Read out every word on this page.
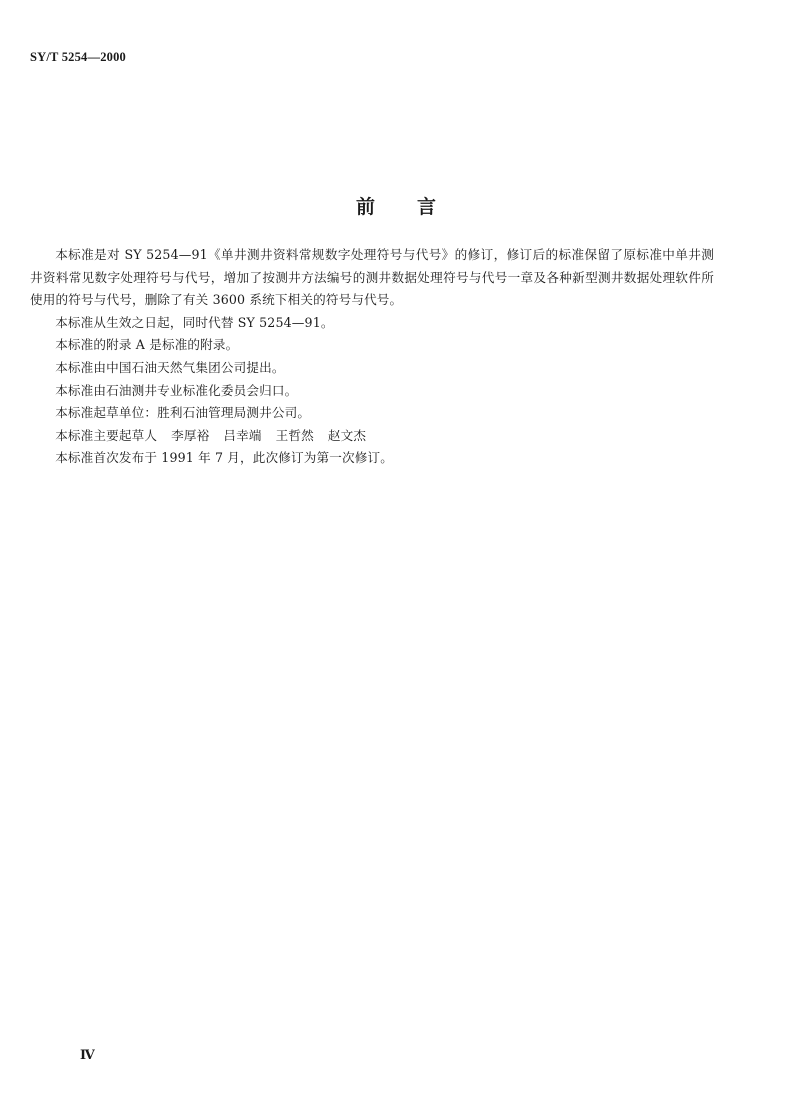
SY/T 5254—2000
前 言

本标准是对 SY 5254—91《单井测井资料常规数字处理符号与代号》的修订，修订后的标准保留了原标准中单井测井资料常见数字处理符号与代号，增加了按测井方法编号的测井数据处理符号与代号一章及各种新型测井数据处理软件所使用的符号与代号，删除了有关 3600 系统下相关的符号与代号。

本标准从生效之日起，同时代替 SY 5254—91。

本标准的附录 A 是标准的附录。

本标准由中国石油天然气集团公司提出。

本标准由石油测井专业标准化委员会归口。

本标准起草单位：胜利石油管理局测井公司。

本标准主要起草人 李厚裕 吕幸端 王哲然 赵文杰

本标准首次发布于 1991 年 7 月，此次修订为第一次修订。

Ⅳ
